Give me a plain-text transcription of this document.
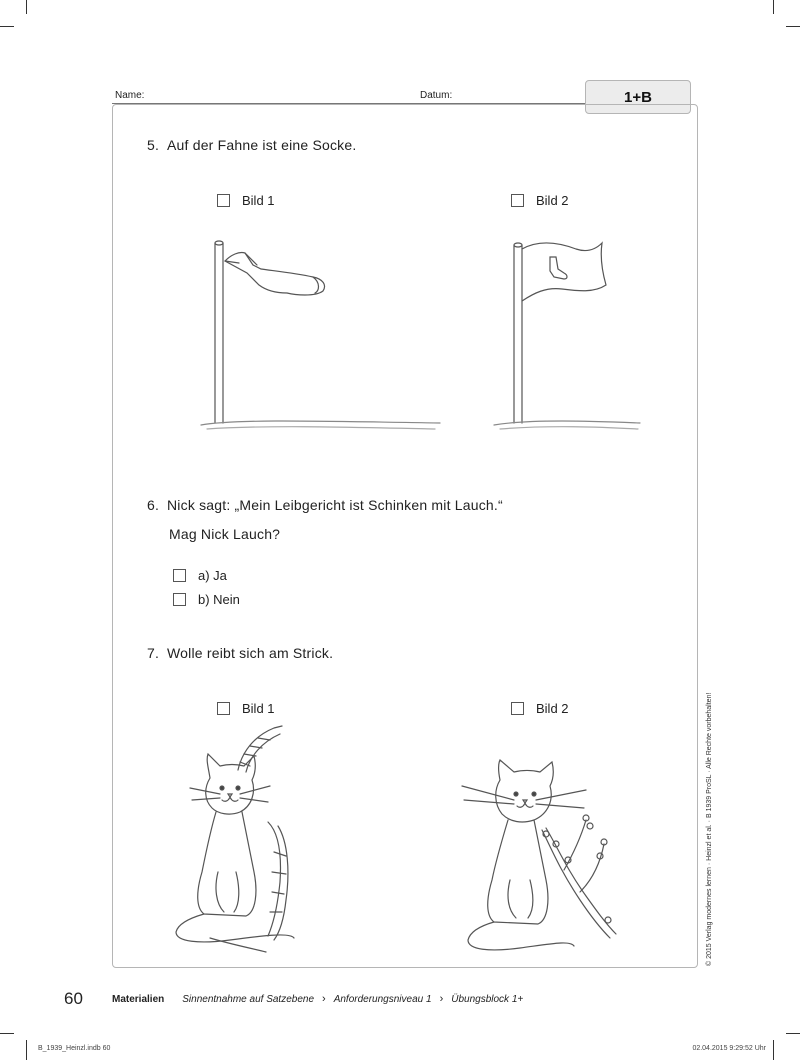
Name:	Datum:	1+B
5. Auf der Fahne ist eine Socke.
Bild 1	Bild 2
6. Nick sagt: „Mein Leibgericht ist Schinken mit Lauch.“
Mag Nick Lauch?
a) Ja
b) Nein
7. Wolle reibt sich am Strick.
Bild 1	Bild 2	© 2015 Verlag modernes lernen · Heinzl et al. · B 1939 ProSL · Alle Rechte vorbehalten!
60	Materialien Sinnentnahme auf Satzebene › Anforderungsniveau 1 › Übungsblock 1+
B_1939_Heinzl.indb 60	02.04.2015 9:29:52 Uhr
